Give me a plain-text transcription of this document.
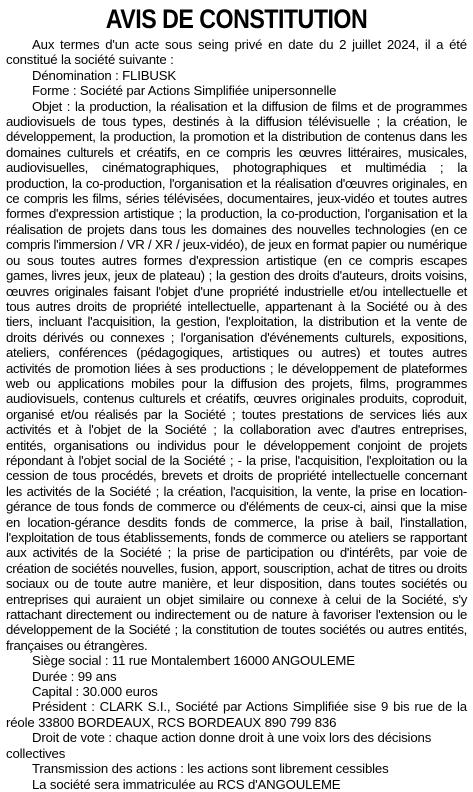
AVIS DE CONSTITUTION

Aux termes d'un acte sous seing privé en date du 2 juillet 2024, il a été constitué la société suivante :

Dénomination : FLIBUSK

Forme : Société par Actions Simplifiée unipersonnelle

Objet : la production, la réalisation et la diffusion de films et de programmes audiovisuels de tous types, destinés à la diffusion télévisuelle ; la création, le développement, la production, la promotion et la distribution de contenus dans les domaines culturels et créatifs, en ce compris les œuvres littéraires, musicales, audiovisuelles, cinématographiques, photographiques et multimédia ; la production, la co-production, l'organisation et la réalisation d'œuvres originales, en ce compris les films, séries télévisées, documentaires, jeux-vidéo et toutes autres formes d'expression artistique ; la production, la co-production, l'organisation et la réalisation de projets dans tous les domaines des nouvelles technologies (en ce compris l'immersion / VR / XR / jeux-vidéo), de jeux en format papier ou numérique ou sous toutes autres formes d'expression artistique (en ce compris escapes games, livres jeux, jeux de plateau) ; la gestion des droits d'auteurs, droits voisins, œuvres originales faisant l'objet d'une propriété industrielle et/ou intellectuelle et tous autres droits de propriété intellectuelle, appartenant à la Société ou à des tiers, incluant l'acquisition, la gestion, l'exploitation, la distribution et la vente de droits dérivés ou connexes ; l'organisation d'événements culturels, expositions, ateliers, conférences (pédagogiques, artistiques ou autres) et toutes autres activités de promotion liées à ses productions ; le développement de plateformes web ou applications mobiles pour la diffusion des projets, films, programmes audiovisuels, contenus culturels et créatifs, œuvres originales produits, coproduit, organisé et/ou réalisés par la Société ; toutes prestations de services liés aux activités et à l'objet de la Société ; la collaboration avec d'autres entreprises, entités, organisations ou individus pour le développement conjoint de projets répondant à l'objet social de la Société ; - la prise, l'acquisition, l'exploitation ou la cession de tous procédés, brevets et droits de propriété intellectuelle concernant les activités de la Société ; la création, l'acquisition, la vente, la prise en location-gérance de tous fonds de commerce ou d'éléments de ceux-ci, ainsi que la mise en location-gérance desdits fonds de commerce, la prise à bail, l'installation, l'exploitation de tous établissements, fonds de commerce ou ateliers se rapportant aux activités de la Société ; la prise de participation ou d'intérêts, par voie de création de sociétés nouvelles, fusion, apport, souscription, achat de titres ou droits sociaux ou de toute autre manière, et leur disposition, dans toutes sociétés ou entreprises qui auraient un objet similaire ou connexe à celui de la Société, s'y rattachant directement ou indirectement ou de nature à favoriser l'extension ou le développement de la Société ; la constitution de toutes sociétés ou autres entités, françaises ou étrangères.

Siège social : 11 rue Montalembert 16000 ANGOULEME

Durée : 99 ans

Capital : 30.000 euros

Président : CLARK S.I., Société par Actions Simplifiée sise 9 bis rue de la réole 33800 BORDEAUX, RCS BORDEAUX 890 799 836

Droit de vote : chaque action donne droit à une voix lors des décisions collectives

Transmission des actions : les actions sont librement cessibles

La société sera immatriculée au RCS d'ANGOULEME
